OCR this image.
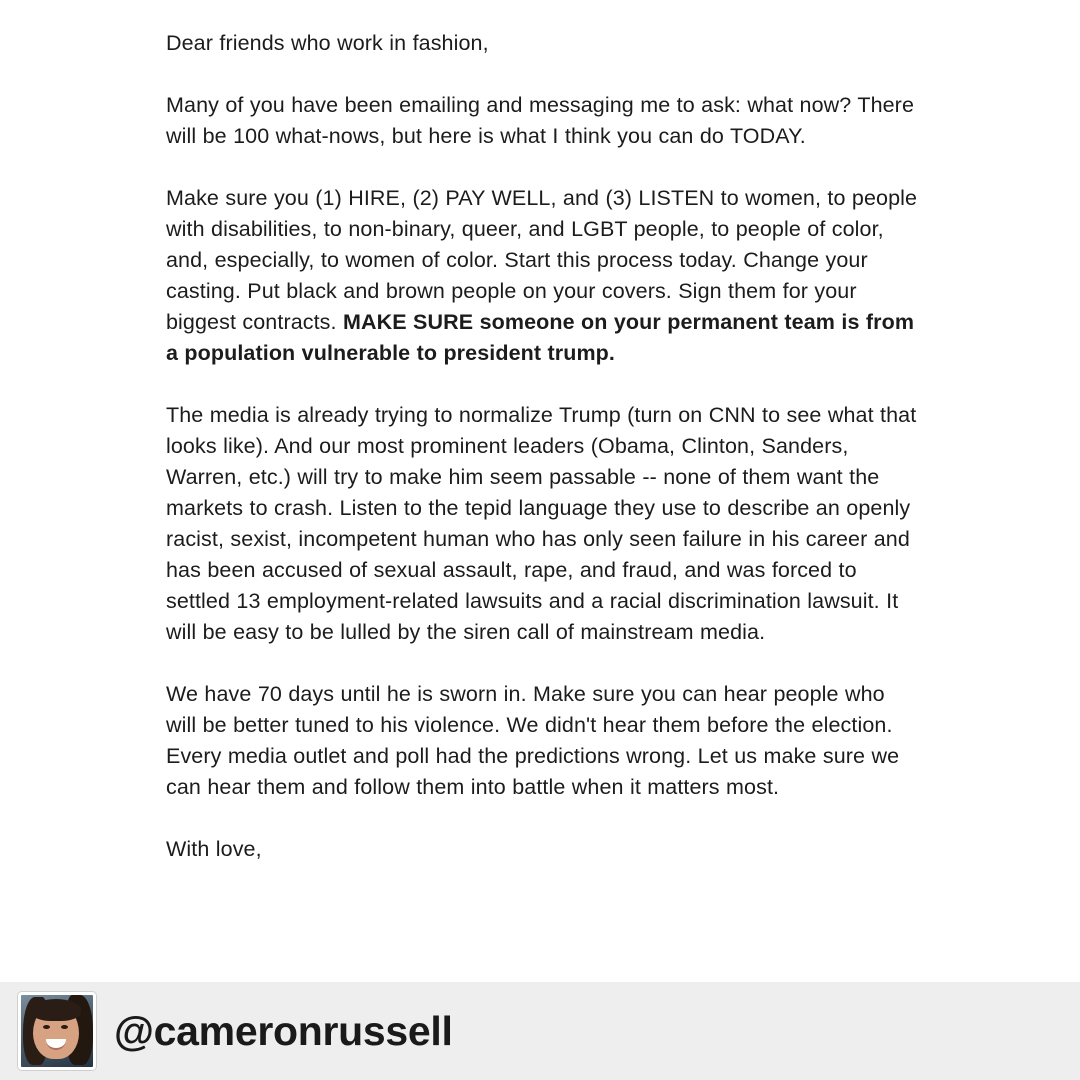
Dear friends who work in fashion,

Many of you have been emailing and messaging me to ask: what now? There will be 100 what-nows, but here is what I think you can do TODAY.

Make sure you (1) HIRE, (2) PAY WELL, and (3) LISTEN to women, to people with disabilities, to non-binary, queer, and LGBT people, to people of color, and, especially, to women of color. Start this process today. Change your casting. Put black and brown people on your covers. Sign them for your biggest contracts. MAKE SURE someone on your permanent team is from a population vulnerable to president trump.

The media is already trying to normalize Trump (turn on CNN to see what that looks like). And our most prominent leaders (Obama, Clinton, Sanders, Warren, etc.) will try to make him seem passable -- none of them want the markets to crash. Listen to the tepid language they use to describe an openly racist, sexist, incompetent human who has only seen failure in his career and has been accused of sexual assault, rape, and fraud, and was forced to settled 13 employment-related lawsuits and a racial discrimination lawsuit. It will be easy to be lulled by the siren call of mainstream media.

We have 70 days until he is sworn in. Make sure you can hear people who will be better tuned to his violence. We didn't hear them before the election. Every media outlet and poll had the predictions wrong. Let us make sure we can hear them and follow them into battle when it matters most.

With love,

@cameronrussell
